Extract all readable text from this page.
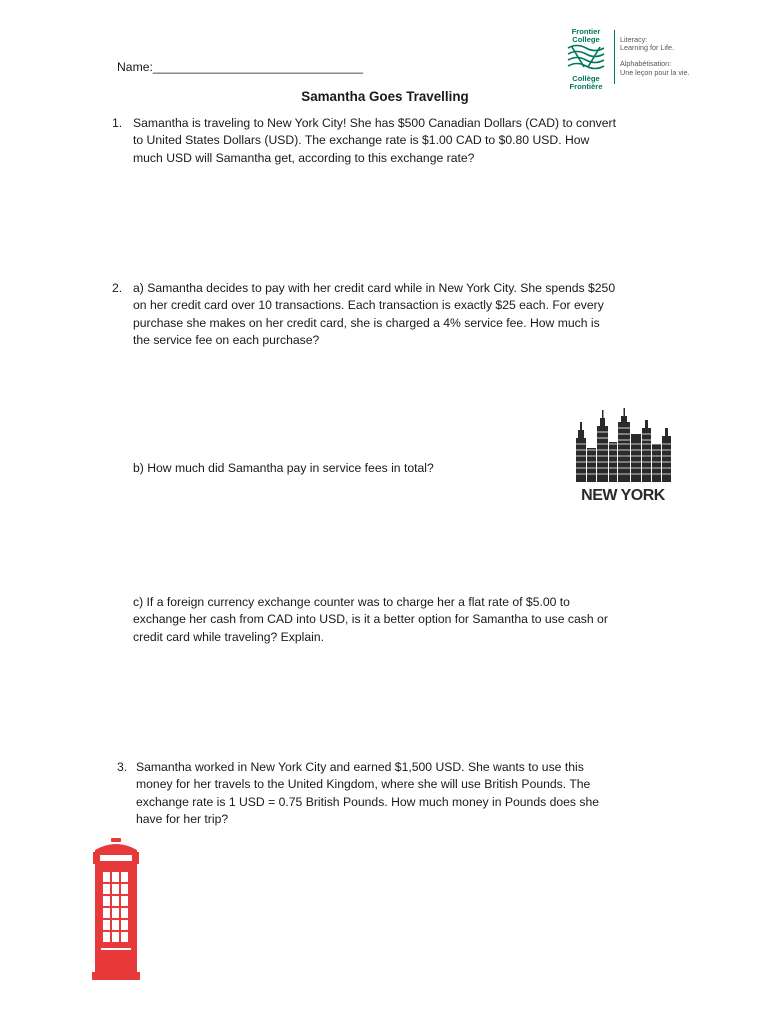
Name:_______________________________
Frontier
College
Collège
Frontière
Literacy:
Learning for Life.
Alphabétisation:
Une leçon pour la vie.
Samantha Goes Travelling
1. Samantha is traveling to New York City! She has $500 Canadian Dollars (CAD) to convert
to United States Dollars (USD). The exchange rate is $1.00 CAD to $0.80 USD. How
much USD will Samantha get, according to this exchange rate?
2. a) Samantha decides to pay with her credit card while in New York City. She spends $250
on her credit card over 10 transactions. Each transaction is exactly $25 each. For every
purchase she makes on her credit card, she is charged a 4% service fee. How much is
the service fee on each purchase?
b) How much did Samantha pay in service fees in total?
NEW YORK
c) If a foreign currency exchange counter was to charge her a flat rate of $5.00 to
exchange her cash from CAD into USD, is it a better option for Samantha to use cash or
credit card while traveling? Explain.
3. Samantha worked in New York City and earned $1,500 USD. She wants to use this
money for her travels to the United Kingdom, where she will use British Pounds. The
exchange rate is 1 USD = 0.75 British Pounds. How much money in Pounds does she
have for her trip?
